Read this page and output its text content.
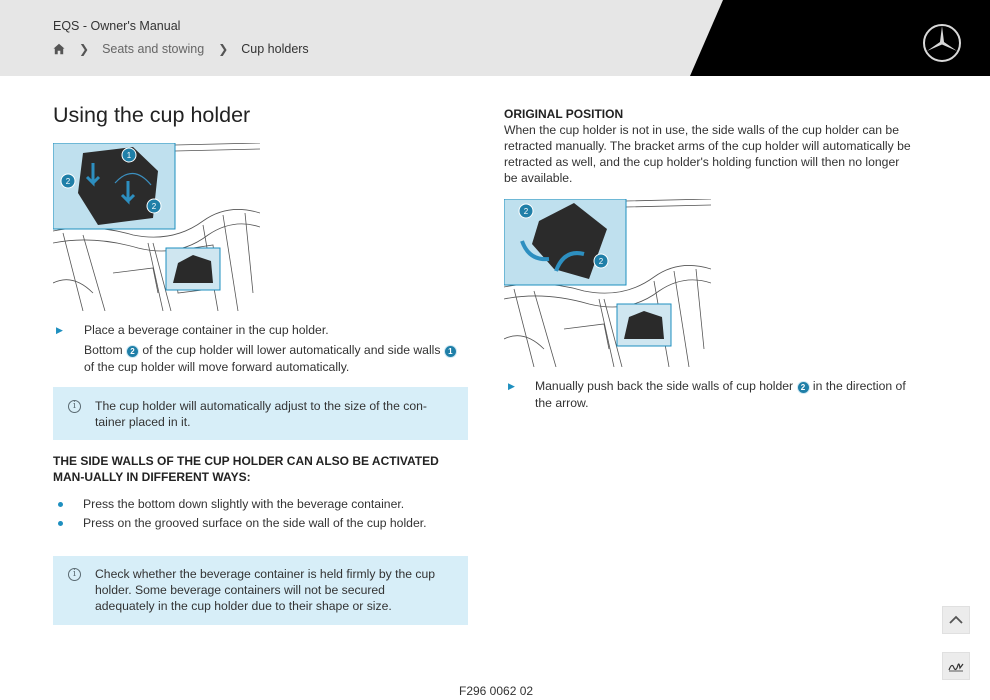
EQS - Owner's Manual
❯ Seats and stowing ❯ Cup holders
Using the cup holder
1
2
2
▶ Place a beverage container in the cup holder.
Bottom 2 of the cup holder will lower automatically and side walls 1 of the cup holder will move forward automatically.
i	The cup holder will automatically adjust to the size of the con-tainer placed in it.
THE SIDE WALLS OF THE CUP HOLDER CAN ALSO BE ACTIVATED MAN-UALLY IN DIFFERENT WAYS:
Press the bottom down slightly with the beverage container.
Press on the grooved surface on the side wall of the cup holder.
i	Check whether the beverage container is held firmly by the cup holder. Some beverage containers will not be secured adequately in the cup holder due to their shape or size.
ORIGINAL POSITION
When the cup holder is not in use, the side walls of the cup holder can be retracted manually. The bracket arms of the cup holder will automatically be retracted as well, and the cup holder's holding function will then no longer be available.
2
2
▶ Manually push back the side walls of cup holder 2 in the direction of the arrow.
F296 0062 02
